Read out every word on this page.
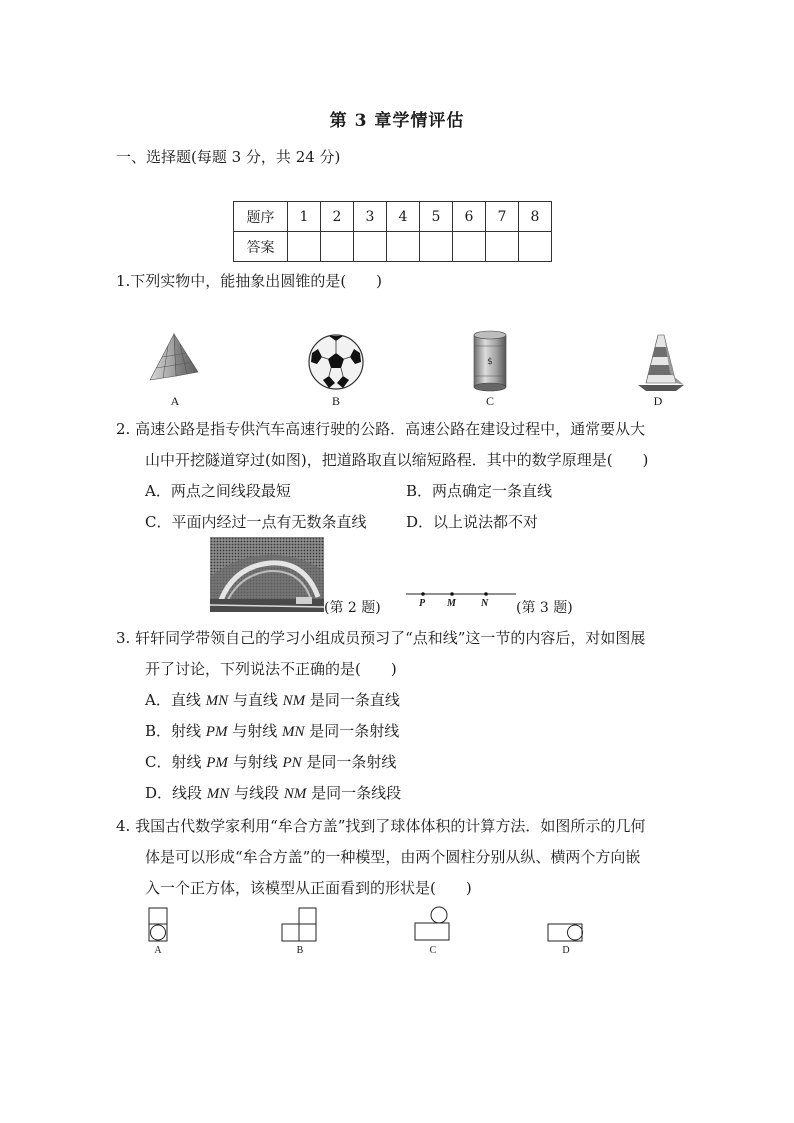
第 3 章学情评估
一、选择题(每题 3 分，共 24 分)
题序	1	2	3	4	5	6	7	8
答案								
1.下列实物中，能抽象出圆锥的是(　　)
$
A	B	C	D
2. 高速公路是指专供汽车高速行驶的公路．高速公路在建设过程中，通常要从大
山中开挖隧道穿过(如图)，把道路取直以缩短路程．其中的数学原理是(　　)
A．两点之间线段最短	B．两点确定一条直线
C．平面内经过一点有无数条直线	D．以上说法都不对
(第 2 题)	P M	N (第 3 题)
3. 轩轩同学带领自己的学习小组成员预习了“点和线”这一节的内容后，对如图展
开了讨论，下列说法不正确的是(　　)
A．直线 MN 与直线 NM 是同一条直线
B．射线 PM 与射线 MN 是同一条射线
C．射线 PM 与射线 PN 是同一条射线
D．线段 MN 与线段 NM 是同一条线段
4. 我国古代数学家利用“牟合方盖”找到了球体体积的计算方法．如图所示的几何
体是可以形成“牟合方盖”的一种模型，由两个圆柱分别从纵、横两个方向嵌
入一个正方体，该模型从正面看到的形状是(　　)
A	B	C	D
